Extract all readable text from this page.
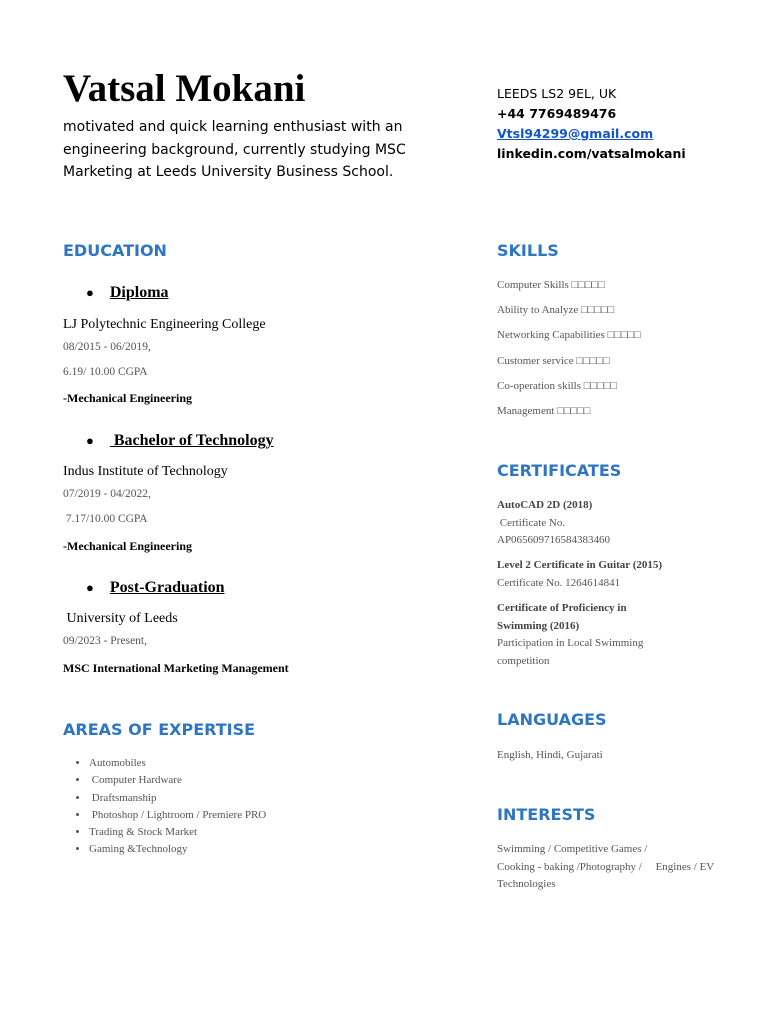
Vatsal Mokani
motivated and quick learning enthusiast with an engineering background, currently studying MSC Marketing at Leeds University Business School.
LEEDS LS2 9EL, UK
+44 7769489476
Vtsl94299@gmail.com
linkedin.com/vatsalmokani
EDUCATION
● Diploma
LJ Polytechnic Engineering College
08/2015 - 06/2019,
6.19/ 10.00 CGPA
-Mechanical Engineering
● Bachelor of Technology
Indus Institute of Technology
07/2019 - 04/2022,
7.17/10.00 CGPA
-Mechanical Engineering
● Post-Graduation
University of Leeds
09/2023 - Present,
MSC International Marketing Management
AREAS OF EXPERTISE
• Automobiles
•  Computer Hardware
•  Draftsmanship
•  Photoshop / Lightroom / Premiere PRO
• Trading & Stock Market
• Gaming &Technology
SKILLS
Computer Skills □□□□□
Ability to Analyze □□□□□
Networking Capabilities □□□□□
Customer service □□□□□
Co-operation skills □□□□□
Management □□□□□
CERTIFICATES
AutoCAD 2D (2018)
Certificate No.
AP065609716584383460
Level 2 Certificate in Guitar (2015)
Certificate No. 1264614841
Certificate of Proficiency in
Swimming (2016)
Participation in Local Swimming
competition
LANGUAGES
English, Hindi, Gujarati
INTERESTS
Swimming / Competitive Games /
Cooking - baking /Photography /     Engines / EV
Technologies
